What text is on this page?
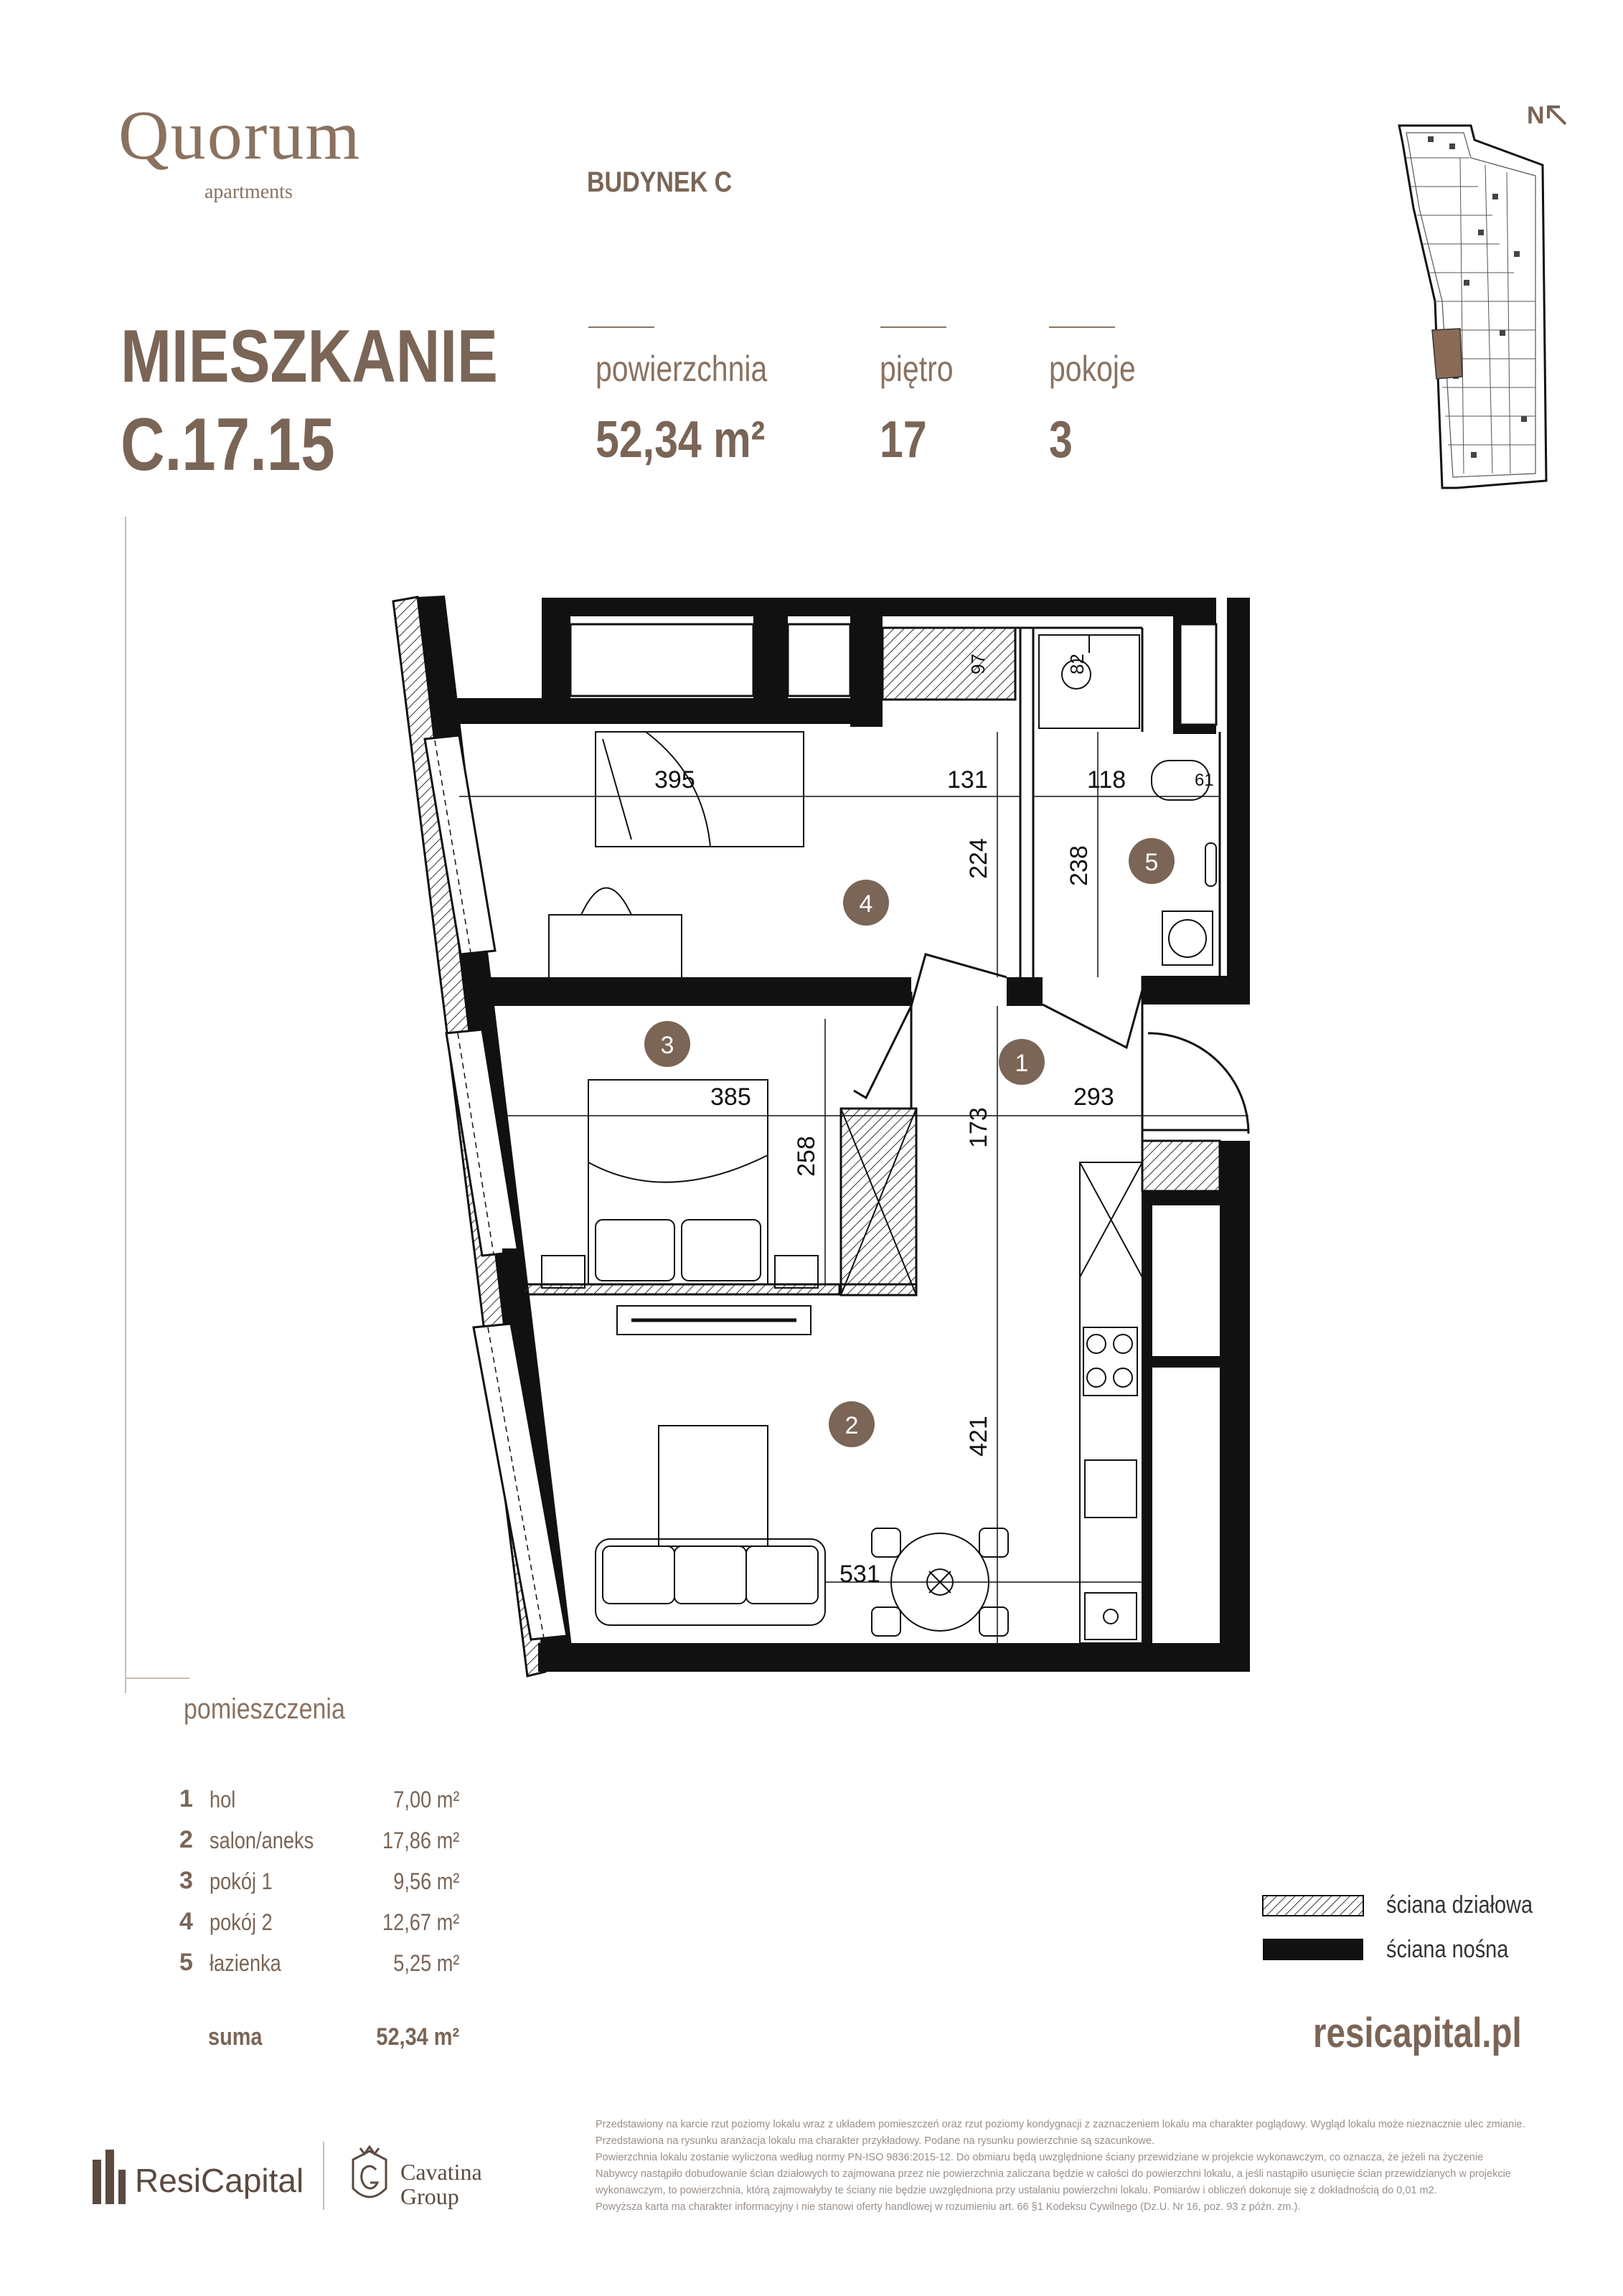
Quorum
apartments	BUDYNEK C
MIESZKANIE
C.17.15
powierzchnia
52,34 m²
piętro
17
pokoje
3
N
395	131	118
224	238
385	293
258
173
421
531
97	82
61
1
2
3
4
5
pomieszczenia
1 hol	7,00 m²
2 salon/aneks	17,86 m²
3 pokój 1	9,56 m²
4 pokój 2	12,67 m²
5 łazienka	5,25 m²
suma	52,34 m²
ściana działowa
ściana nośna
resicapital.pl
ResiCapital	Cavatina
Group
Przedstawiony na karcie rzut poziomy lokalu wraz z układem pomieszczeń oraz rzut poziomy kondygnacji z zaznaczeniem lokalu ma charakter poglądowy. Wygląd lokalu może nieznacznie ulec zmianie.
Przedstawiona na rysunku aranżacja lokalu ma charakter przykładowy. Podane na rysunku powierzchnie są szacunkowe.
Powierzchnia lokalu zostanie wyliczona według normy PN-ISO 9836:2015-12. Do obmiaru będą uwzględnione ściany przewidziane w projekcie wykonawczym, co oznacza, że jeżeli na życzenie
Nabywcy nastąpiło dobudowanie ścian działowych to zajmowana przez nie powierzchnia zaliczana będzie w całości do powierzchni lokalu, a jeśli nastąpiło usunięcie ścian przewidzianych w projekcie
wykonawczym, to powierzchnia, którą zajmowałyby te ściany nie będzie uwzględniona przy ustalaniu powierzchni lokalu. Pomiarów i obliczeń dokonuje się z dokładnością do 0,01 m2.
Powyższa karta ma charakter informacyjny i nie stanowi oferty handlowej w rozumieniu art. 66 §1 Kodeksu Cywilnego (Dz.U. Nr 16, poz. 93 z późn. zm.).
